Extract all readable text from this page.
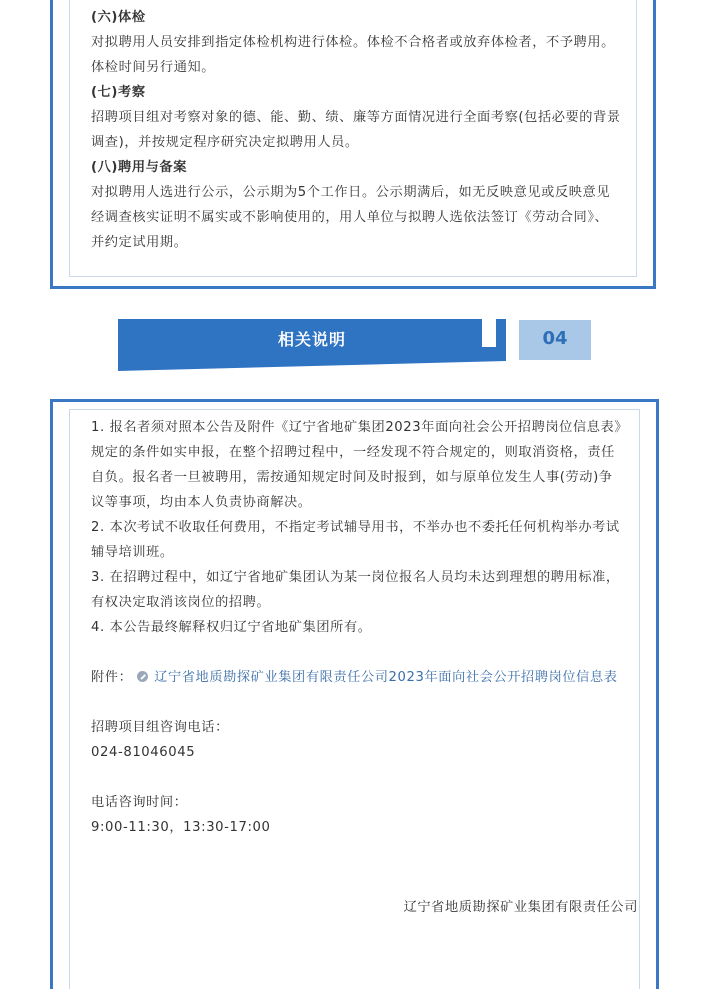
(六)体检

对拟聘用人员安排到指定体检机构进行体检。体检不合格者或放弃体检者，不予聘用。体检时间另行通知。

(七)考察

招聘项目组对考察对象的德、能、勤、绩、廉等方面情况进行全面考察(包括必要的背景调查)，并按规定程序研究决定拟聘用人员。

(八)聘用与备案

对拟聘用人选进行公示，公示期为5个工作日。公示期满后，如无反映意见或反映意见经调查核实证明不属实或不影响使用的，用人单位与拟聘人选依法签订《劳动合同》、并约定试用期。

相关说明	04

1. 报名者须对照本公告及附件《辽宁省地矿集团2023年面向社会公开招聘岗位信息表》规定的条件如实申报，在整个招聘过程中，一经发现不符合规定的，则取消资格，责任自负。报名者一旦被聘用，需按通知规定时间及时报到，如与原单位发生人事(劳动)争议等事项，均由本人负责协商解决。

2. 本次考试不收取任何费用，不指定考试辅导用书，不举办也不委托任何机构举办考试辅导培训班。

3. 在招聘过程中，如辽宁省地矿集团认为某一岗位报名人员均未达到理想的聘用标准，有权决定取消该岗位的招聘。

4. 本公告最终解释权归辽宁省地矿集团所有。

附件： 辽宁省地质勘探矿业集团有限责任公司2023年面向社会公开招聘岗位信息表

招聘项目组咨询电话：

024-81046045

电话咨询时间：

9:00-11:30，13:30-17:00

辽宁省地质勘探矿业集团有限责任公司
